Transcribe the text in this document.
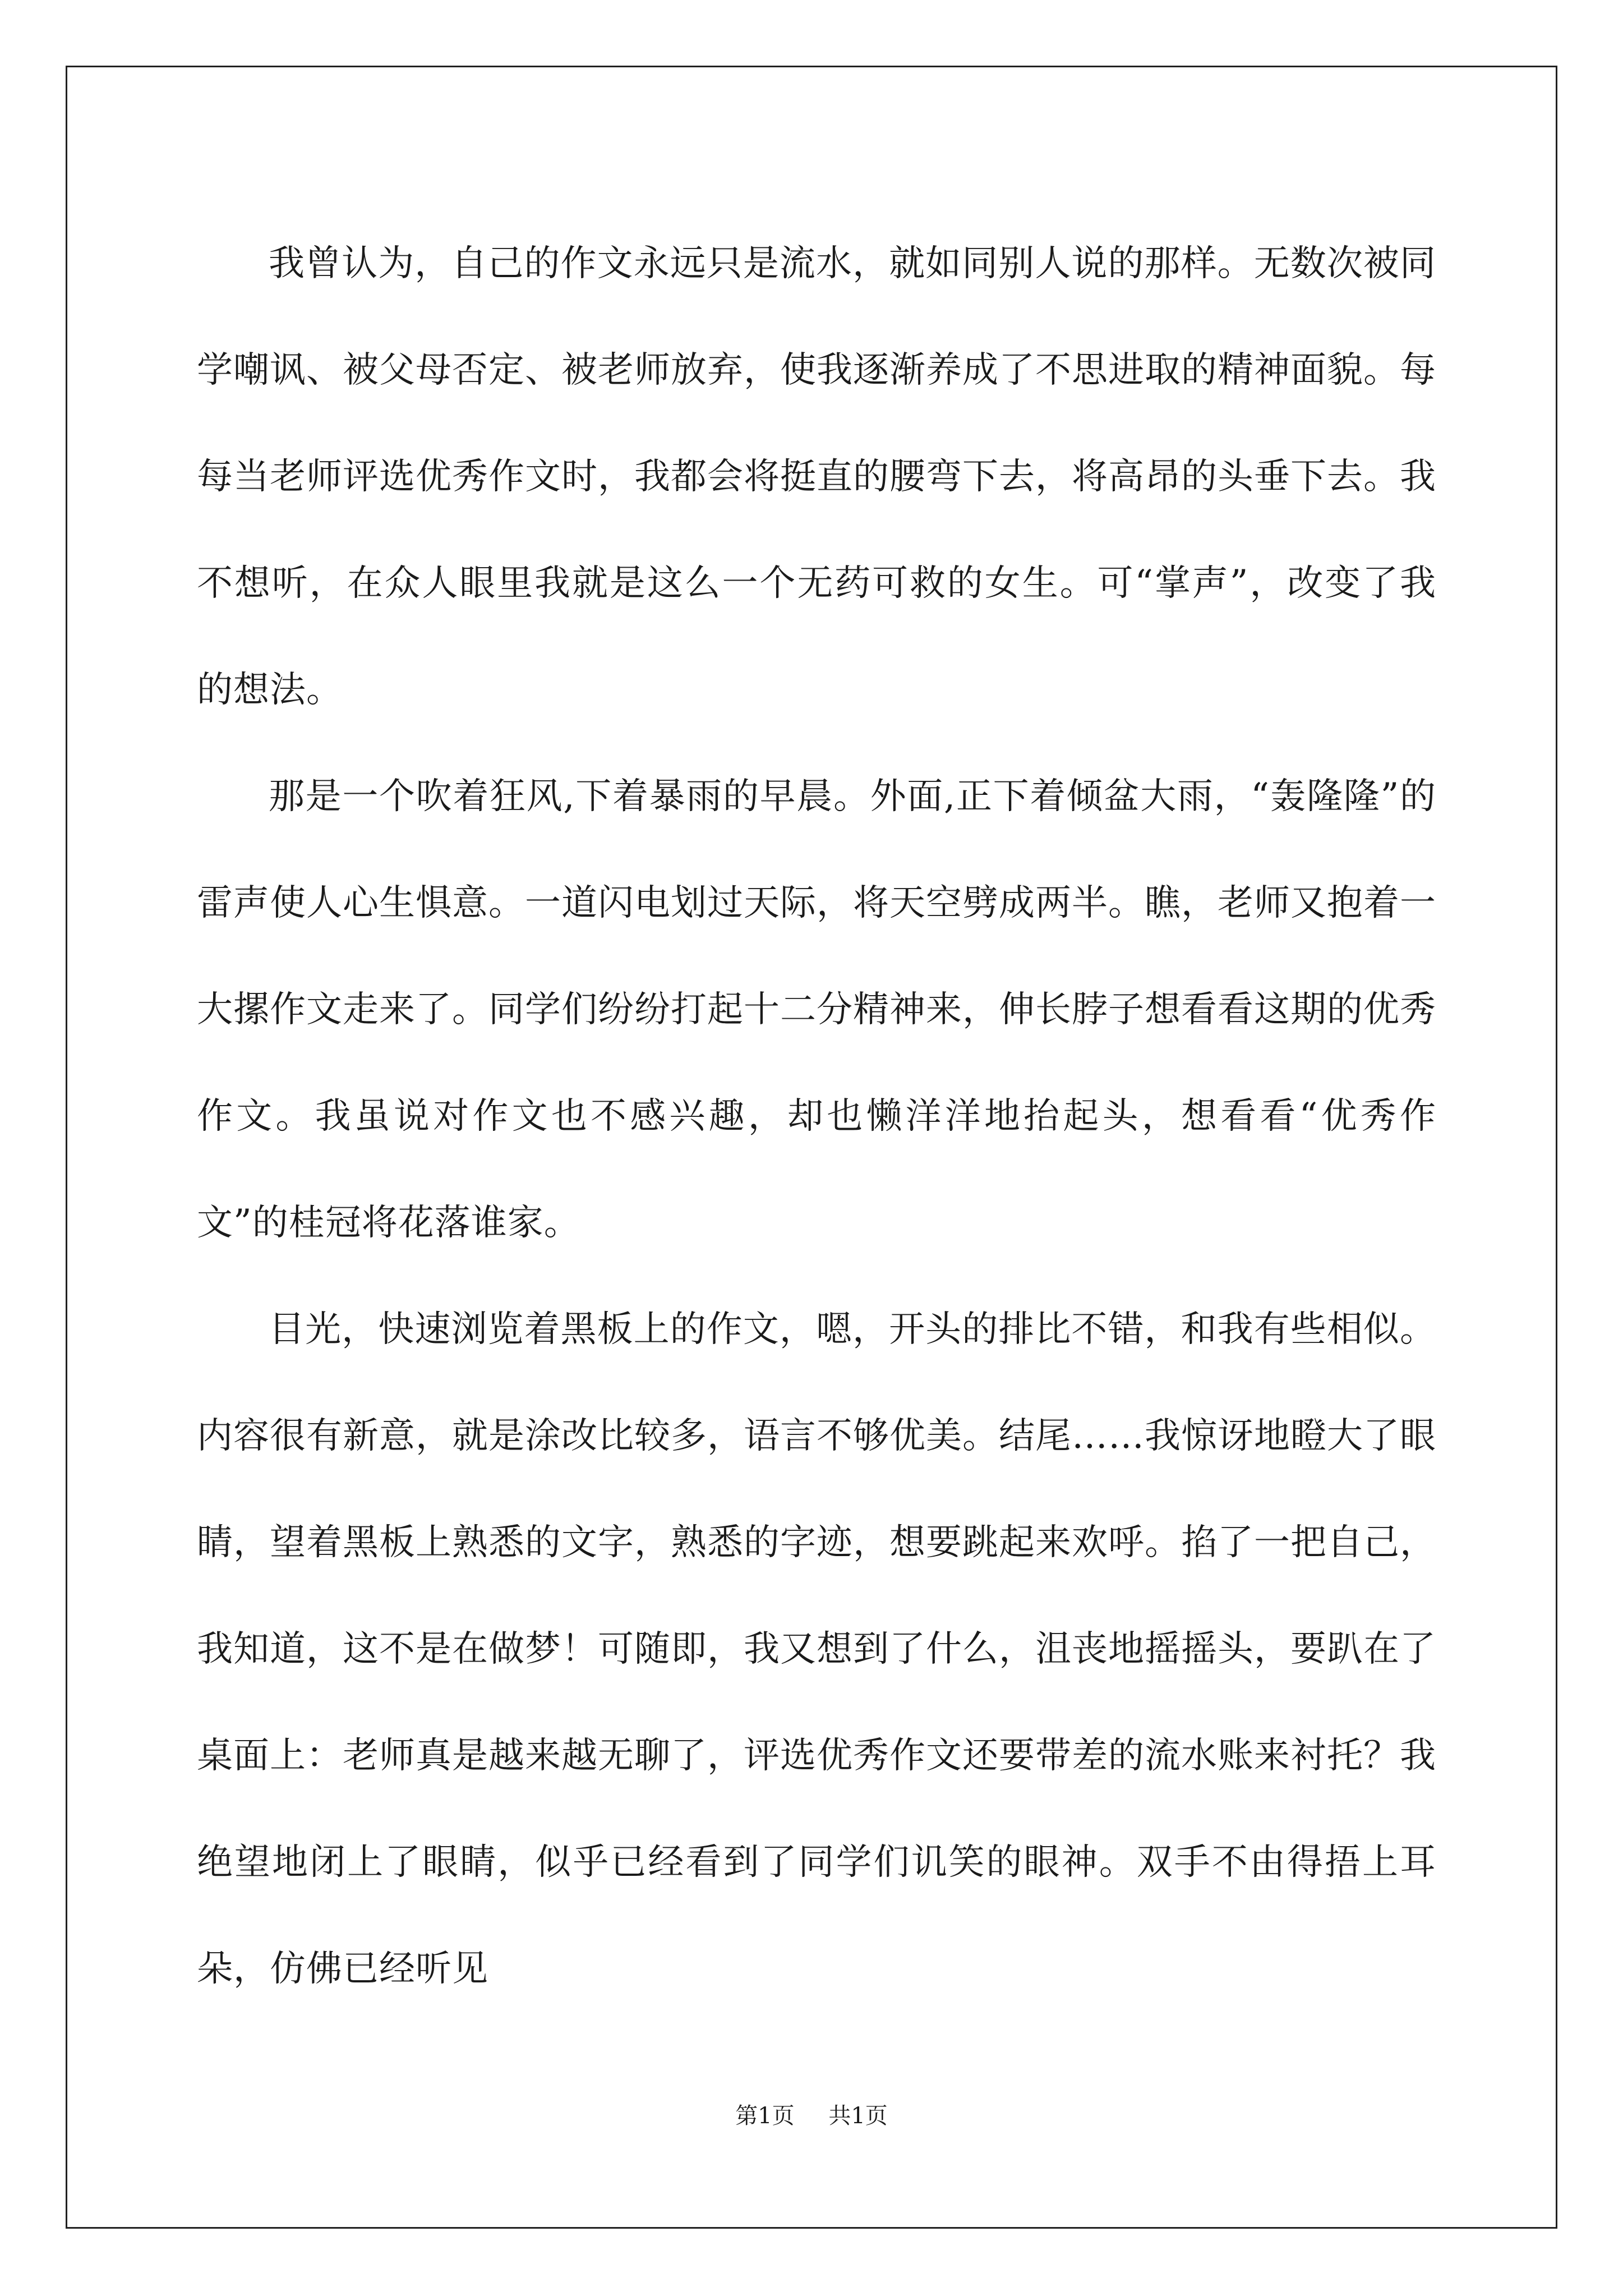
我曾认为，自己的作文永远只是流水，就如同别人说的那样。无数次被同学嘲讽、被父母否定、被老师放弃，使我逐渐养成了不思进取的精神面貌。每每当老师评选优秀作文时，我都会将挺直的腰弯下去，将高昂的头垂下去。我不想听，在众人眼里我就是这么一个无药可救的女生。可“掌声”，改变了我的想法。

那是一个吹着狂风,下着暴雨的早晨。外面,正下着倾盆大雨，“轰隆隆”的雷声使人心生惧意。一道闪电划过天际，将天空劈成两半。瞧，老师又抱着一大摞作文走来了。同学们纷纷打起十二分精神来，伸长脖子想看看这期的优秀作文。我虽说对作文也不感兴趣，却也懒洋洋地抬起头，想看看“优秀作文”的桂冠将花落谁家。

目光，快速浏览着黑板上的作文，嗯，开头的排比不错，和我有些相似。内容很有新意，就是涂改比较多，语言不够优美。结尾……我惊讶地瞪大了眼睛，望着黑板上熟悉的文字，熟悉的字迹，想要跳起来欢呼。掐了一把自己，我知道，这不是在做梦！可随即，我又想到了什么，沮丧地摇摇头，要趴在了桌面上：老师真是越来越无聊了，评选优秀作文还要带差的流水账来衬托？我绝望地闭上了眼睛，似乎已经看到了同学们讥笑的眼神。双手不由得捂上耳朵，仿佛已经听见

第1页 共1页
